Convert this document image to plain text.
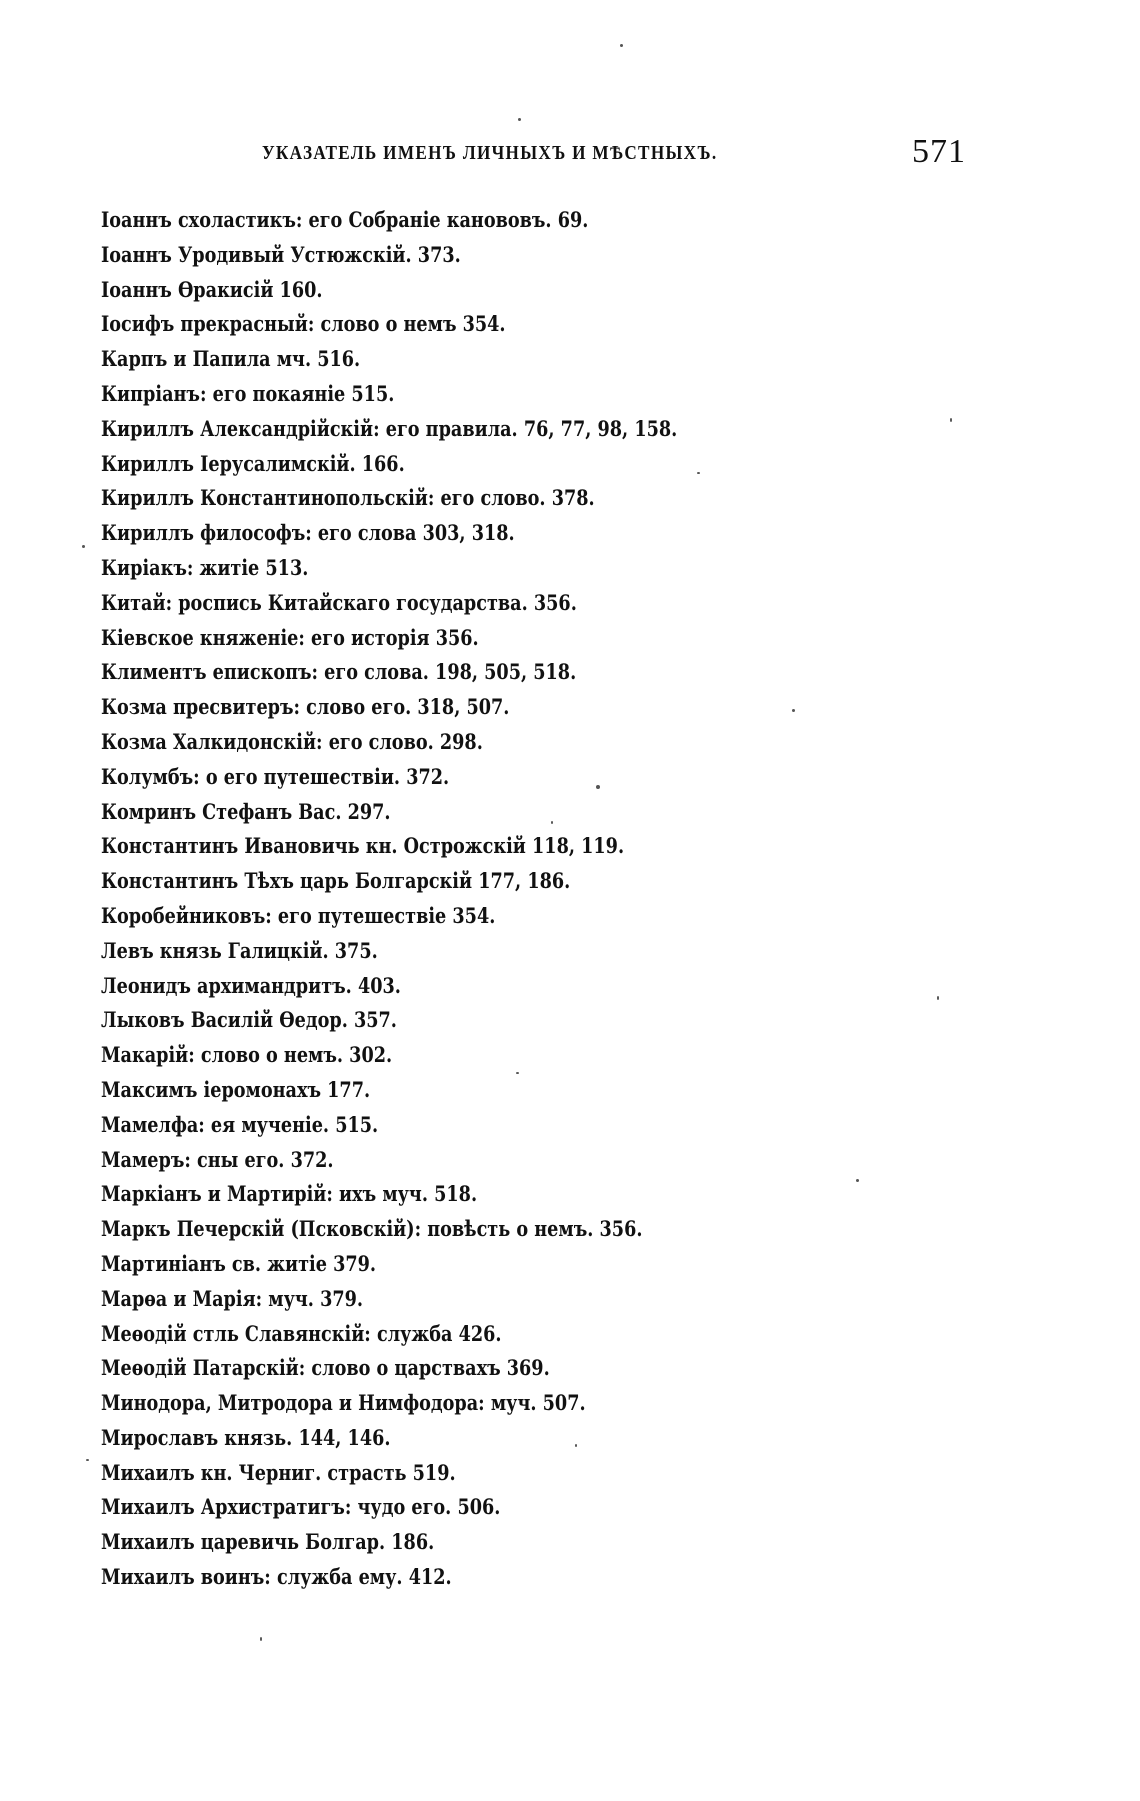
УКАЗАТЕЛЬ ИМЕНЪ ЛИЧНЫХЪ И МѢСТНЫХЪ.	571
Іоаннъ схоластикъ: его Собраніе канововъ. 69.
Іоаннъ Уродивый Устюжскій. 373.
Іоаннъ Ѳракисій 160.
Іосифъ прекрасный: слово о немъ 354.
Карпъ и Папила мч. 516.
Кипріанъ: его покаяніе 515.
Кириллъ Александрійскій: его правила. 76, 77, 98, 158.
Кириллъ Іерусалимскій. 166.
Кириллъ Константинопольскій: его слово. 378.
Кириллъ философъ: его слова 303, 318.
Киріакъ: житіе 513.
Китай: роспись Китайскаго государства. 356.
Кіевское княженіе: его исторія 356.
Климентъ епископъ: его слова. 198, 505, 518.
Козма пресвитеръ: слово его. 318, 507.
Козма Халкидонскій: его слово. 298.
Колумбъ: о его путешествіи. 372.
Комринъ Стефанъ Вас. 297.
Константинъ Ивановичь кн. Острожскій 118, 119.
Константинъ Тѣхъ царь Болгарскій 177, 186.
Коробейниковъ: его путешествіе 354.
Левъ князь Галицкій. 375.
Леонидъ архимандритъ. 403.
Лыковъ Василій Ѳедор. 357.
Макарій: слово о немъ. 302.
Максимъ іеромонахъ 177.
Мамелфа: ея мученіе. 515.
Мамеръ: сны его. 372.
Маркіанъ и Мартирій: ихъ муч. 518.
Маркъ Печерскій (Псковскій): повѣсть о немъ. 356.
Мартиніанъ св. житіе 379.
Марѳа и Марія: муч. 379.
Меѳодій стль Славянскій: служба 426.
Меѳодій Патарскій: слово о царствахъ 369.
Минодора, Митродора и Нимфодора: муч. 507.
Мирославъ князь. 144, 146.
Михаилъ кн. Черниг. страсть 519.
Михаилъ Архистратигъ: чудо его. 506.
Михаилъ царевичь Болгар. 186.
Михаилъ воинъ: служба ему. 412.
